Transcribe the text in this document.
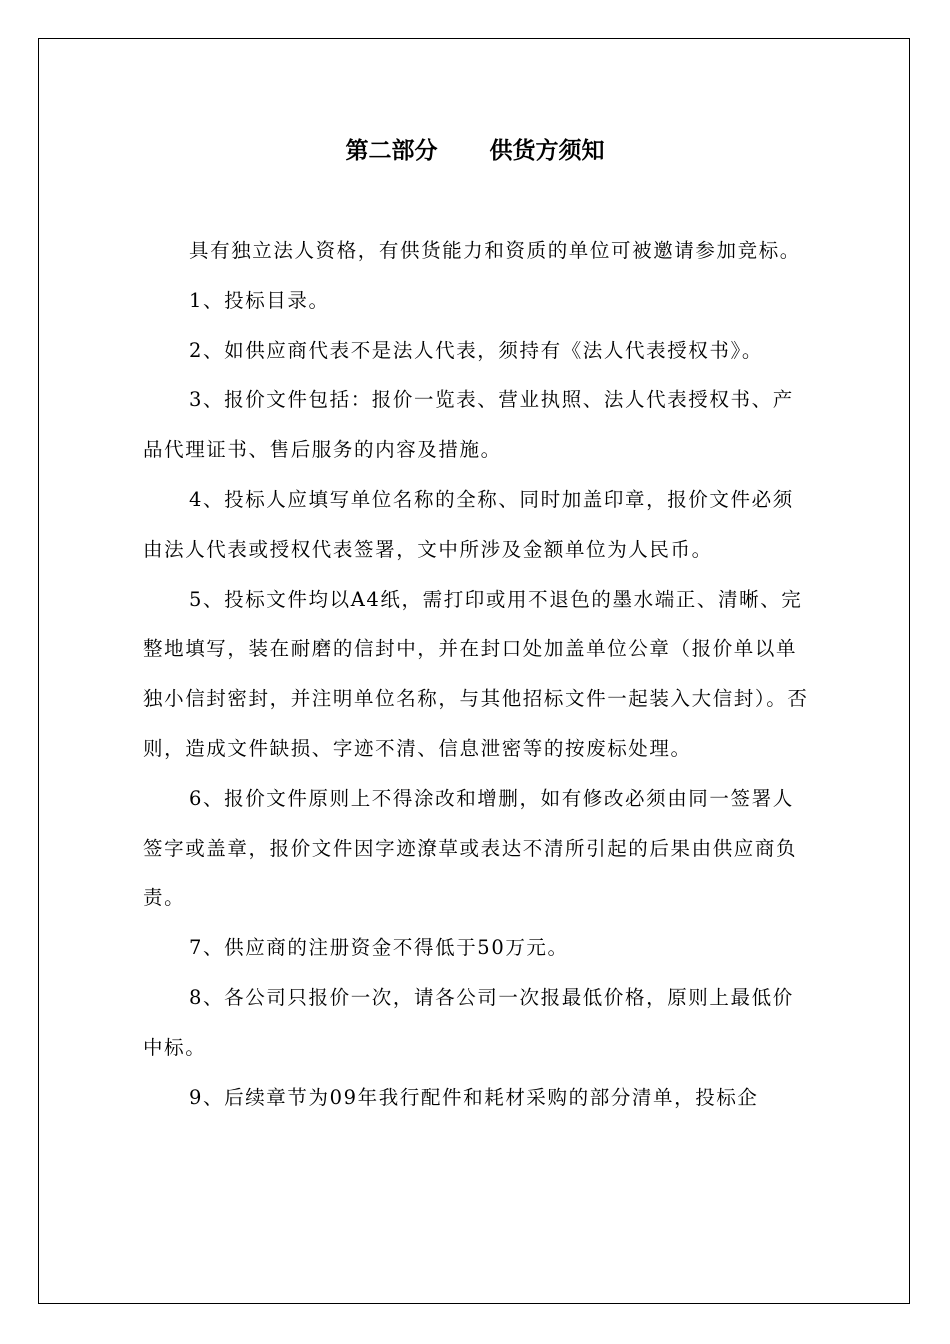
第二部分 供货方须知

具有独立法人资格，有供货能力和资质的单位可被邀请参加竞标。

1、投标目录。

2、如供应商代表不是法人代表，须持有《法人代表授权书》。

3、报价文件包括：报价一览表、营业执照、法人代表授权书、产品代理证书、售后服务的内容及措施。

4、投标人应填写单位名称的全称、同时加盖印章，报价文件必须由法人代表或授权代表签署，文中所涉及金额单位为人民币。

5、投标文件均以A4纸，需打印或用不退色的墨水端正、清晰、完整地填写，装在耐磨的信封中，并在封口处加盖单位公章（报价单以单独小信封密封，并注明单位名称，与其他招标文件一起装入大信封）。否则，造成文件缺损、字迹不清、信息泄密等的按废标处理。

6、报价文件原则上不得涂改和增删，如有修改必须由同一签署人签字或盖章，报价文件因字迹潦草或表达不清所引起的后果由供应商负责。

7、供应商的注册资金不得低于50万元。

8、各公司只报价一次，请各公司一次报最低价格，原则上最低价中标。

9、后续章节为09年我行配件和耗材采购的部分清单，投标企
